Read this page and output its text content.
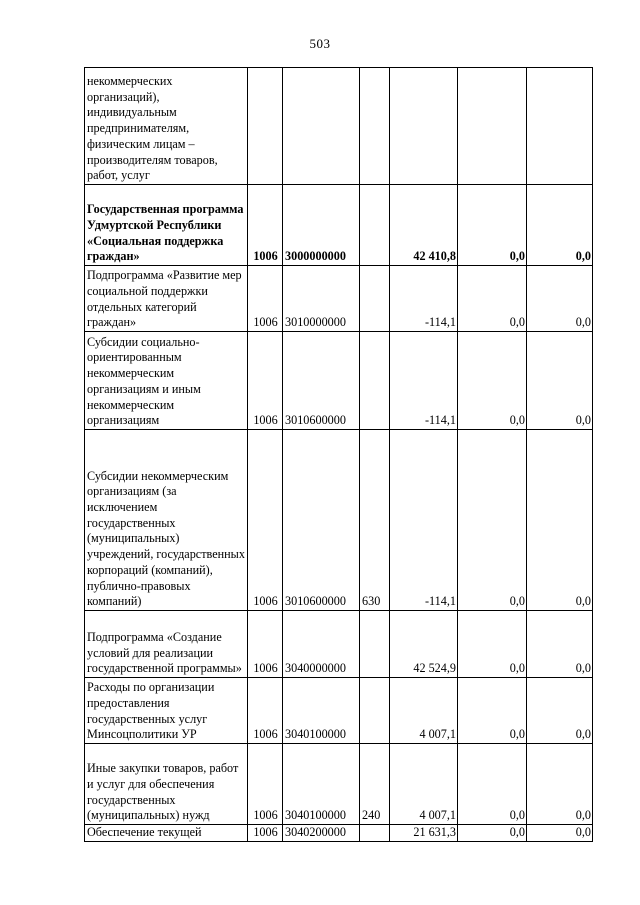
503
некоммерческих организаций), индивидуальным предпринимателям, физическим лицам – производителям товаров, работ, услуг						
Государственная программа Удмуртской Республики «Социальная поддержка граждан»	1006	3000000000		42 410,8	0,0	0,0
Подпрограмма «Развитие мер социальной поддержки отдельных категорий граждан»	1006	3010000000		-114,1	0,0	0,0
Субсидии социально-ориентированным некоммерческим организациям и иным некоммерческим организациям	1006	3010600000		-114,1	0,0	0,0
Субсидии некоммерческим организациям (за исключением государственных (муниципальных) учреждений, государственных корпораций (компаний), публично-правовых компаний)	1006	3010600000	630	-114,1	0,0	0,0
Подпрограмма «Создание условий для реализации государственной программы»	1006	3040000000		42 524,9	0,0	0,0
Расходы по организации предоставления государственных услуг Минсоцполитики УР	1006	3040100000		4 007,1	0,0	0,0
Иные закупки товаров, работ и услуг для обеспечения государственных (муниципальных) нужд	1006	3040100000	240	4 007,1	0,0	0,0
Обеспечение текущей	1006	3040200000		21 631,3	0,0	0,0
